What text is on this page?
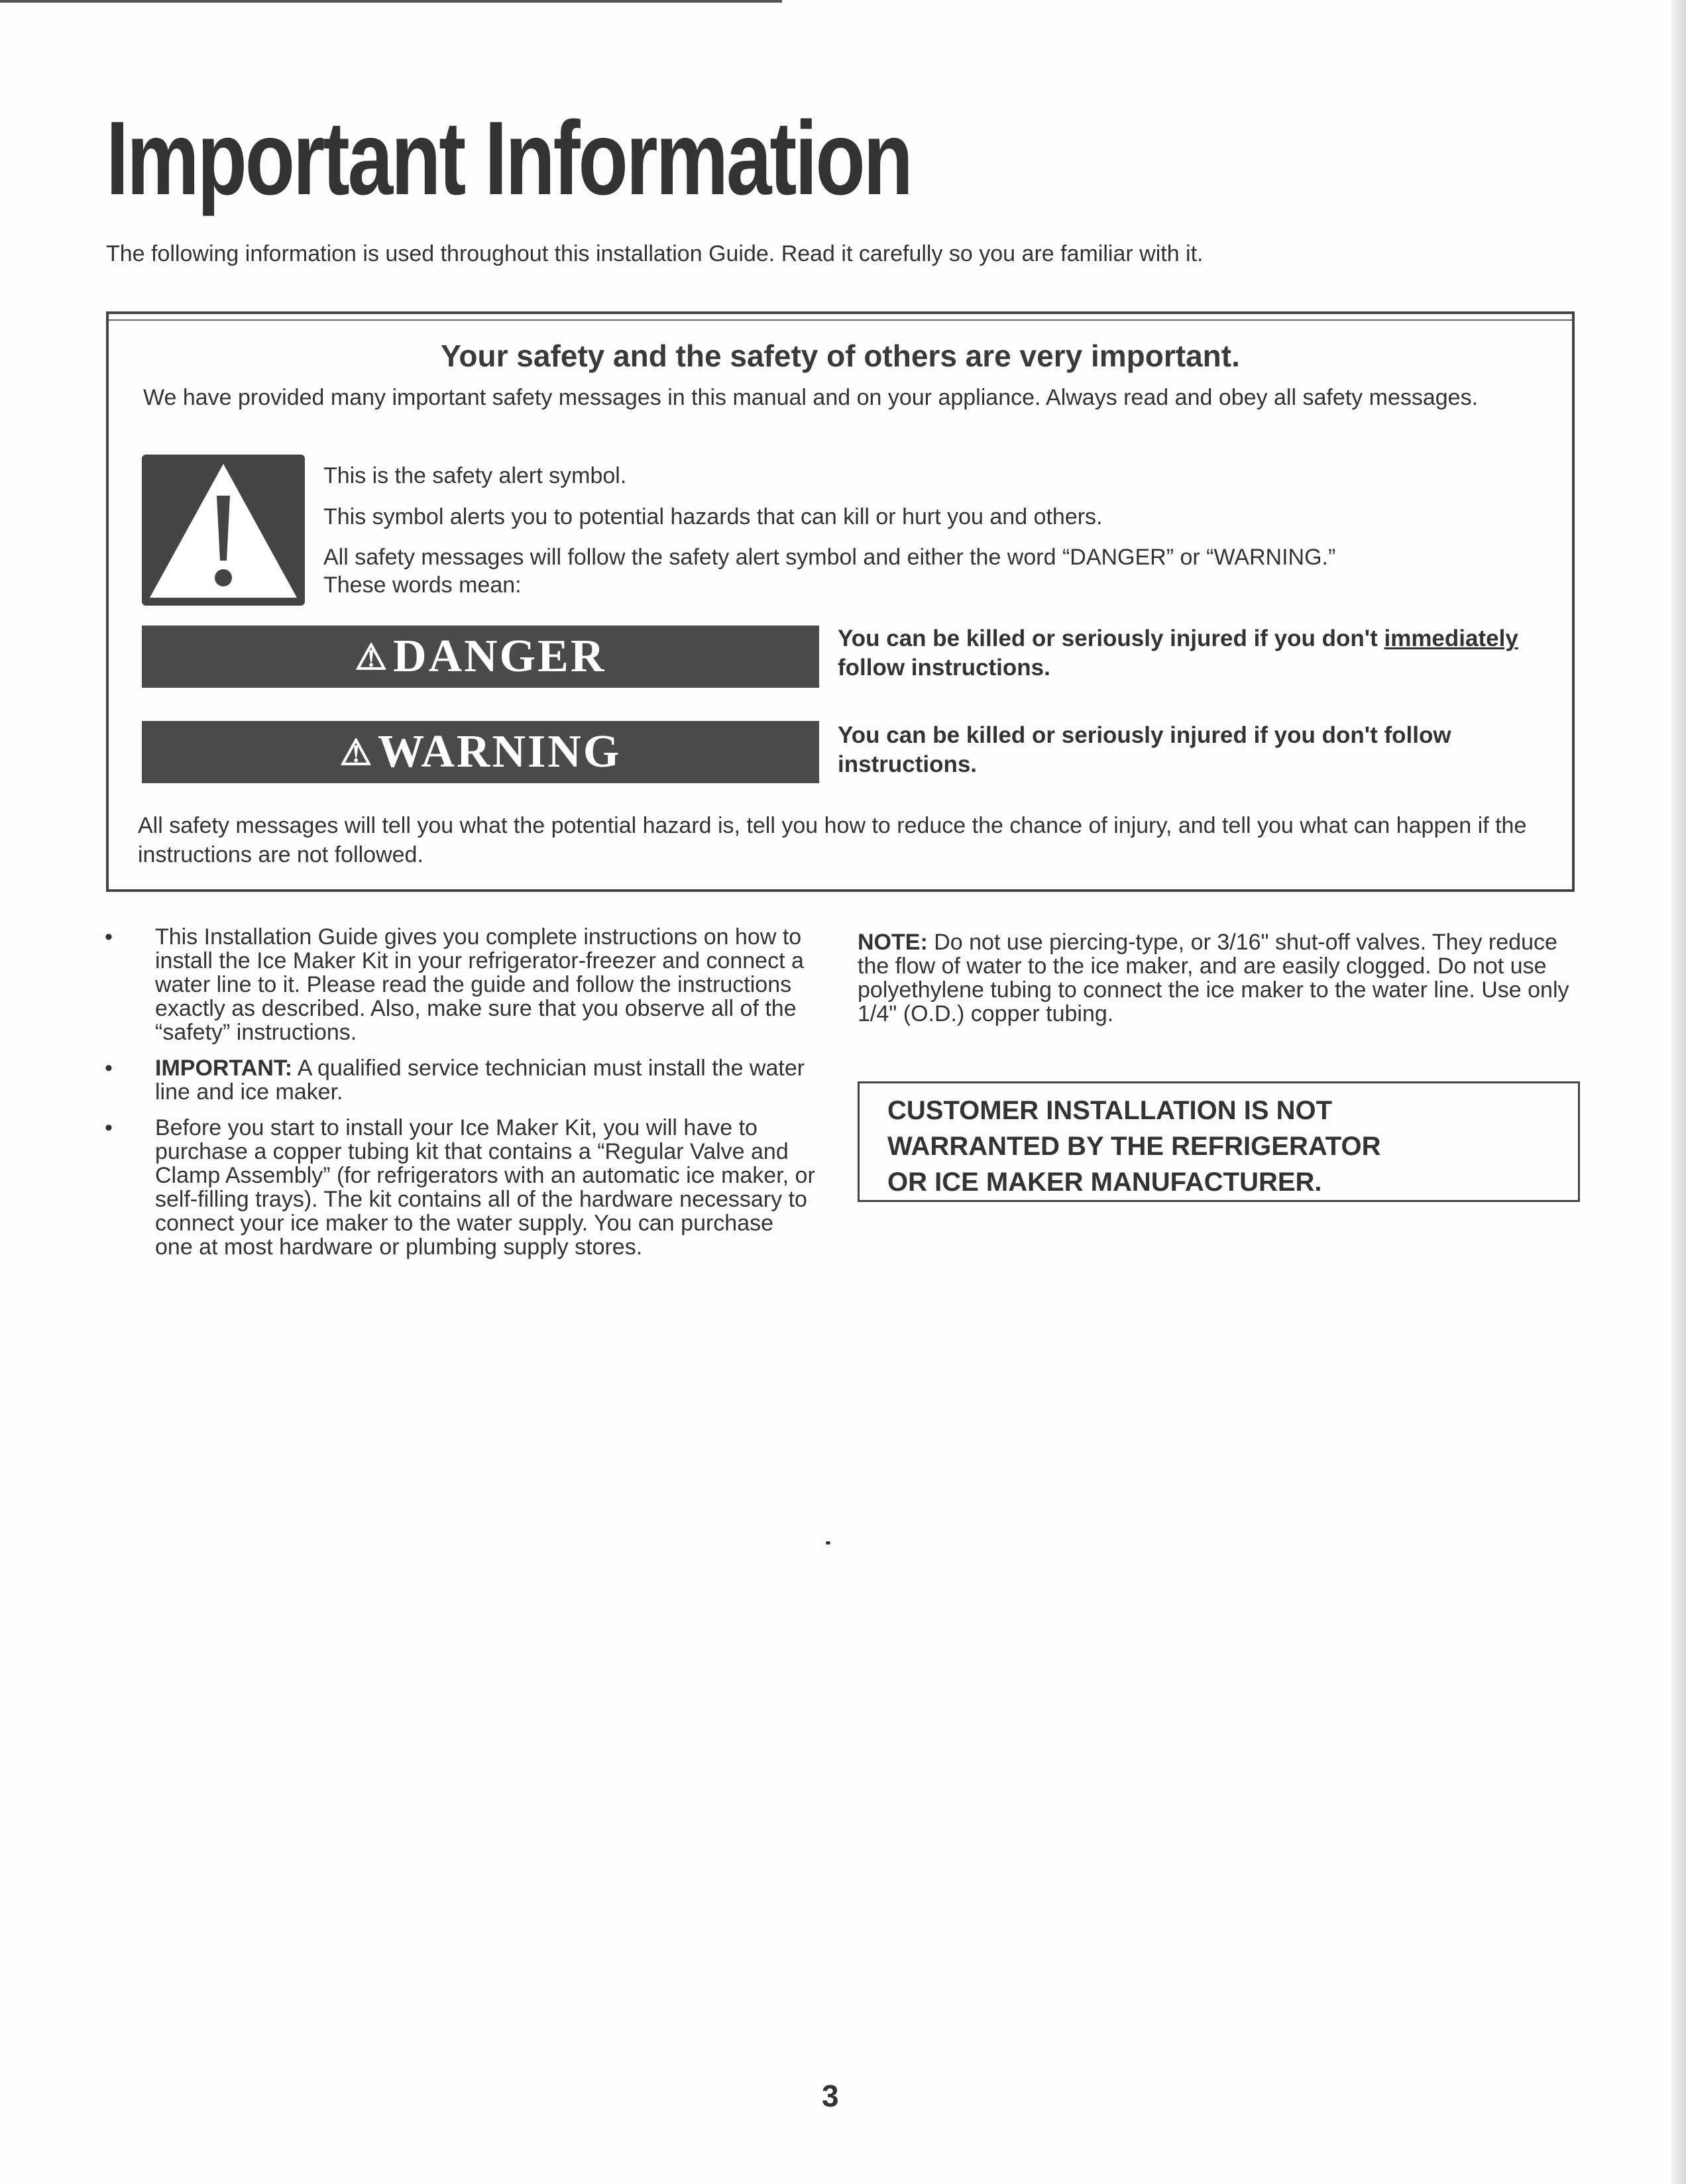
Important Information

The following information is used throughout this installation Guide. Read it carefully so you are familiar with it.

Your safety and the safety of others are very important.

We have provided many important safety messages in this manual and on your appliance. Always read and obey all safety messages.

This is the safety alert symbol.
This symbol alerts you to potential hazards that can kill or hurt you and others.
All safety messages will follow the safety alert symbol and either the word “DANGER” or “WARNING.”
These words mean:
⚠ DANGER	You can be killed or seriously injured if you don't immediately follow instructions.

⚠ WARNING	You can be killed or seriously injured if you don't follow instructions.

All safety messages will tell you what the potential hazard is, tell you how to reduce the chance of injury, and tell you what can happen if the instructions are not followed.

• This Installation Guide gives you complete instructions on how to install the Ice Maker Kit in your refrigerator-freezer and connect a water line to it. Please read the guide and follow the instructions exactly as described. Also, make sure that you observe all of the “safety” instructions.
• IMPORTANT: A qualified service technician must install the water line and ice maker.
• Before you start to install your Ice Maker Kit, you will have to purchase a copper tubing kit that contains a “Regular Valve and Clamp Assembly” (for refrigerators with an automatic ice maker, or self-filling trays). The kit contains all of the hardware necessary to connect your ice maker to the water supply. You can purchase one at most hardware or plumbing supply stores.

NOTE: Do not use piercing-type, or 3/16" shut-off valves. They reduce the flow of water to the ice maker, and are easily clogged. Do not use polyethylene tubing to connect the ice maker to the water line. Use only 1/4" (O.D.) copper tubing.

CUSTOMER INSTALLATION IS NOT
WARRANTED BY THE REFRIGERATOR
OR ICE MAKER MANUFACTURER.
3
